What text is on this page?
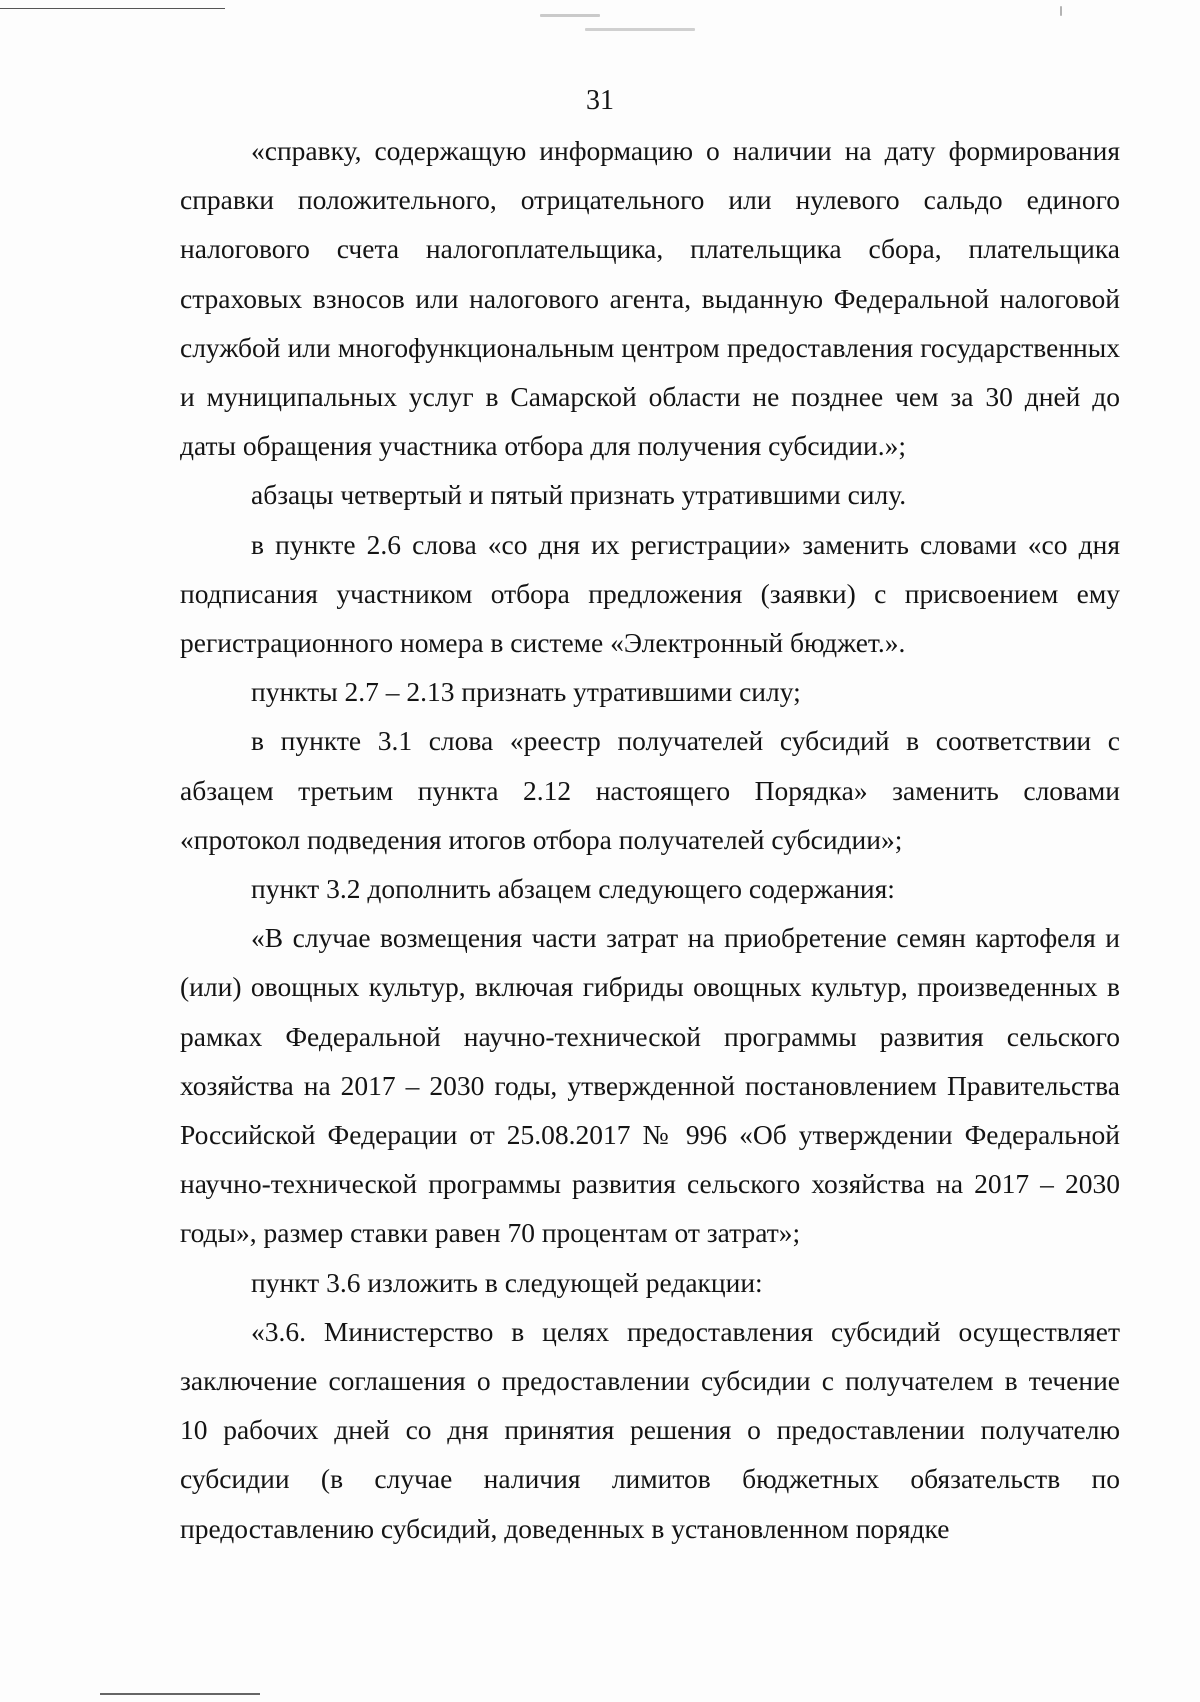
31

«справку, содержащую информацию о наличии на дату формирования справки положительного, отрицательного или нулевого сальдо единого налогового счета налогоплательщика, плательщика сбора, плательщика страховых взносов или налогового агента, выданную Федеральной налоговой службой или многофункциональным центром предоставления государственных и муниципальных услуг в Самарской области не позднее чем за 30 дней до даты обращения участника отбора для получения субсидии.»;

абзацы четвертый и пятый признать утратившими силу.

в пункте 2.6 слова «со дня их регистрации» заменить словами «со дня подписания участником отбора предложения (заявки) с присвоением ему регистрационного номера в системе «Электронный бюджет.».

пункты 2.7 – 2.13 признать утратившими силу;

в пункте 3.1 слова «реестр получателей субсидий в соответствии с абзацем третьим пункта 2.12 настоящего Порядка» заменить словами «протокол подведения итогов отбора получателей субсидии»;

пункт 3.2 дополнить абзацем следующего содержания:

«В случае возмещения части затрат на приобретение семян картофеля и (или) овощных культур, включая гибриды овощных культур, произведенных в рамках Федеральной научно-технической программы развития сельского хозяйства на 2017 – 2030 годы, утвержденной постановлением Правительства Российской Федерации от 25.08.2017 № 996 «Об утверждении Федеральной научно-технической программы развития сельского хозяйства на 2017 – 2030 годы», размер ставки равен 70 процентам от затрат»;

пункт 3.6 изложить в следующей редакции:

«3.6. Министерство в целях предоставления субсидий осуществляет заключение соглашения о предоставлении субсидии с получателем в течение 10 рабочих дней со дня принятия решения о предоставлении получателю субсидии (в случае наличия лимитов бюджетных обязательств по предоставлению субсидий, доведенных в установленном порядке
